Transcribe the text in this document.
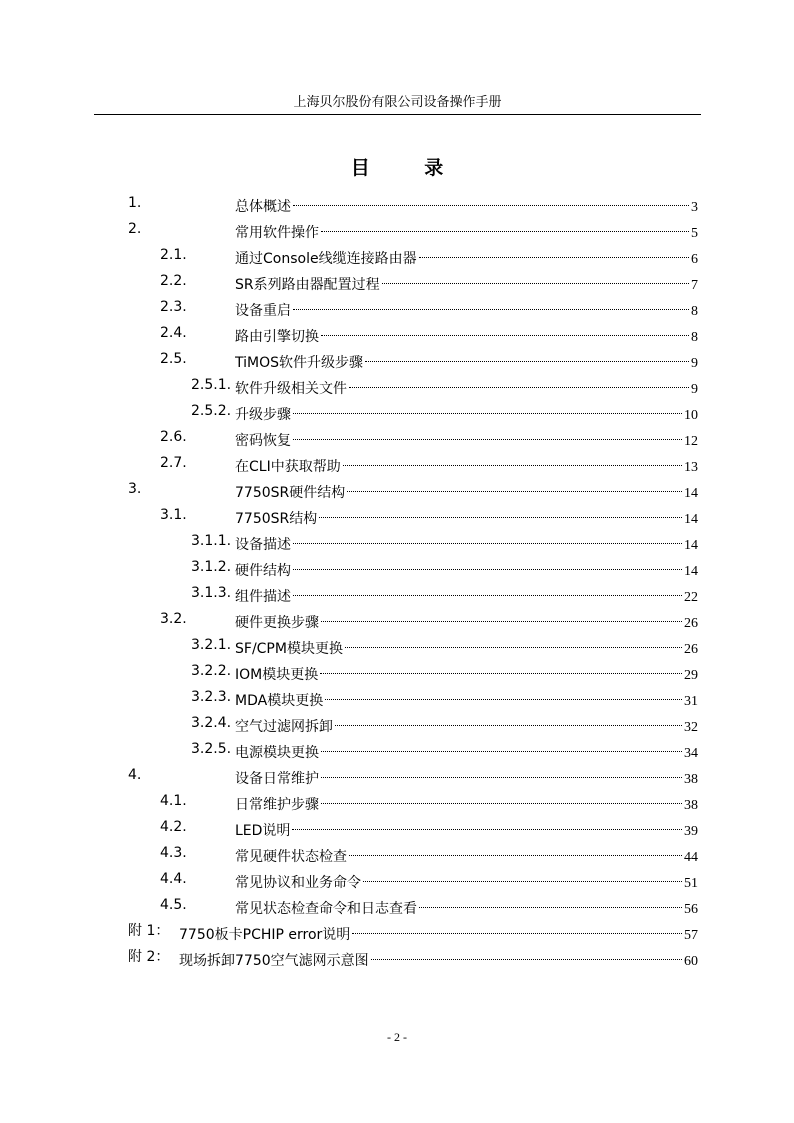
上海贝尔股份有限公司设备操作手册
目 录
1.	总体概述	3
2.	常用软件操作	5
2.1.	通过Console线缆连接路由器	6
2.2.	SR系列路由器配置过程	7
2.3.	设备重启	8
2.4.	路由引擎切换	8
2.5.	TiMOS软件升级步骤	9
2.5.1. 软件升级相关文件	9
2.5.2. 升级步骤	10
2.6.	密码恢复	12
2.7.	在CLI中获取帮助	13
3.	7750SR硬件结构	14
3.1.	7750SR结构	14
3.1.1. 设备描述	14
3.1.2. 硬件结构	14
3.1.3. 组件描述	22
3.2.	硬件更换步骤	26
3.2.1. SF/CPM模块更换	26
3.2.2. IOM模块更换	29
3.2.3. MDA模块更换	31
3.2.4. 空气过滤网拆卸	32
3.2.5. 电源模块更换	34
4.	设备日常维护	38
4.1.	日常维护步骤	38
4.2.	LED说明	39
4.3.	常见硬件状态检查	44
4.4.	常见协议和业务命令	51
4.5.	常见状态检查命令和日志查看	56
附 1： 7750板卡PCHIP error说明	57
附 2： 现场拆卸7750空气滤网示意图	60
- 2 -
